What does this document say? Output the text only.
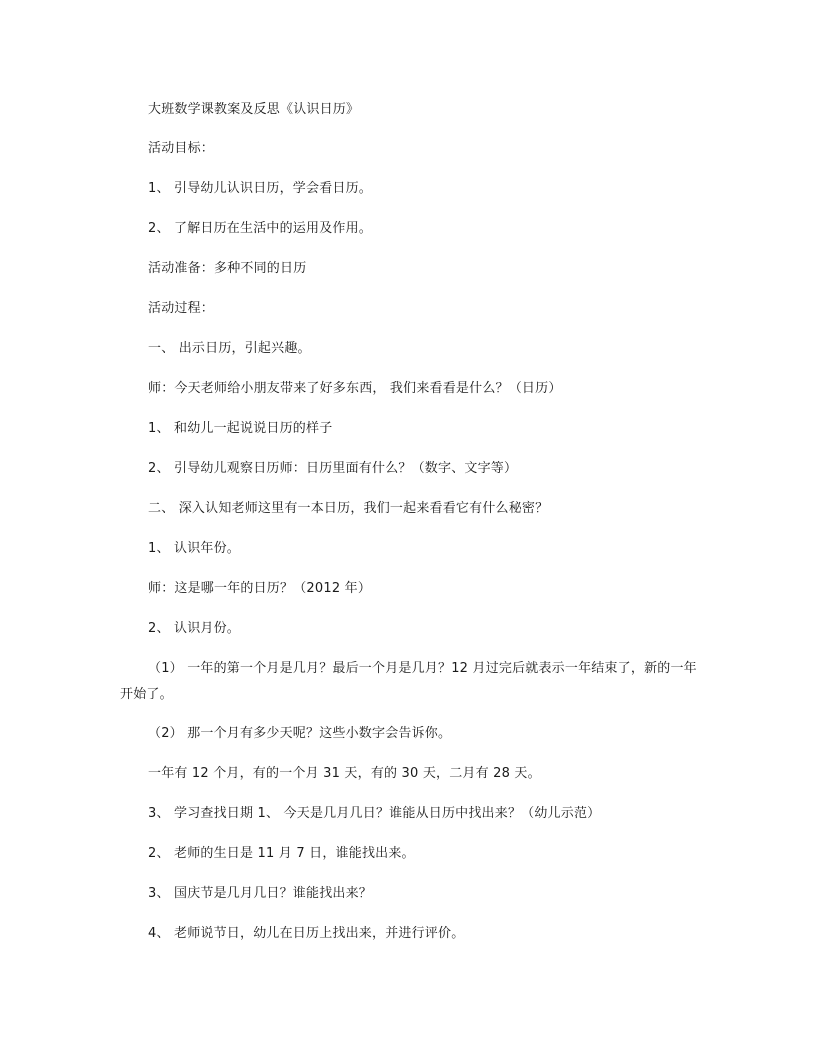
大班数学课教案及反思《认识日历》
活动目标：
1、 引导幼儿认识日历，学会看日历。
2、 了解日历在生活中的运用及作用。
活动准备：多种不同的日历
活动过程：
一、 出示日历，引起兴趣。
师：今天老师给小朋友带来了好多东西， 我们来看看是什么？（日历）
1、 和幼儿一起说说日历的样子
2、 引导幼儿观察日历师：日历里面有什么？（数字、文字等）
二、 深入认知老师这里有一本日历，我们一起来看看它有什么秘密？
1、 认识年份。
师：这是哪一年的日历？（2012 年）
2、 认识月份。
（1） 一年的第一个月是几月？最后一个月是几月？12 月过完后就表示一年结束了，新的一年开始了。
（2） 那一个月有多少天呢？这些小数字会告诉你。
一年有 12 个月，有的一个月 31 天，有的 30 天，二月有 28 天。
3、 学习查找日期 1、 今天是几月几日？谁能从日历中找出来？（幼儿示范）
2、 老师的生日是 11 月 7 日，谁能找出来。
3、 国庆节是几月几日？谁能找出来？
4、 老师说节日，幼儿在日历上找出来，并进行评价。
